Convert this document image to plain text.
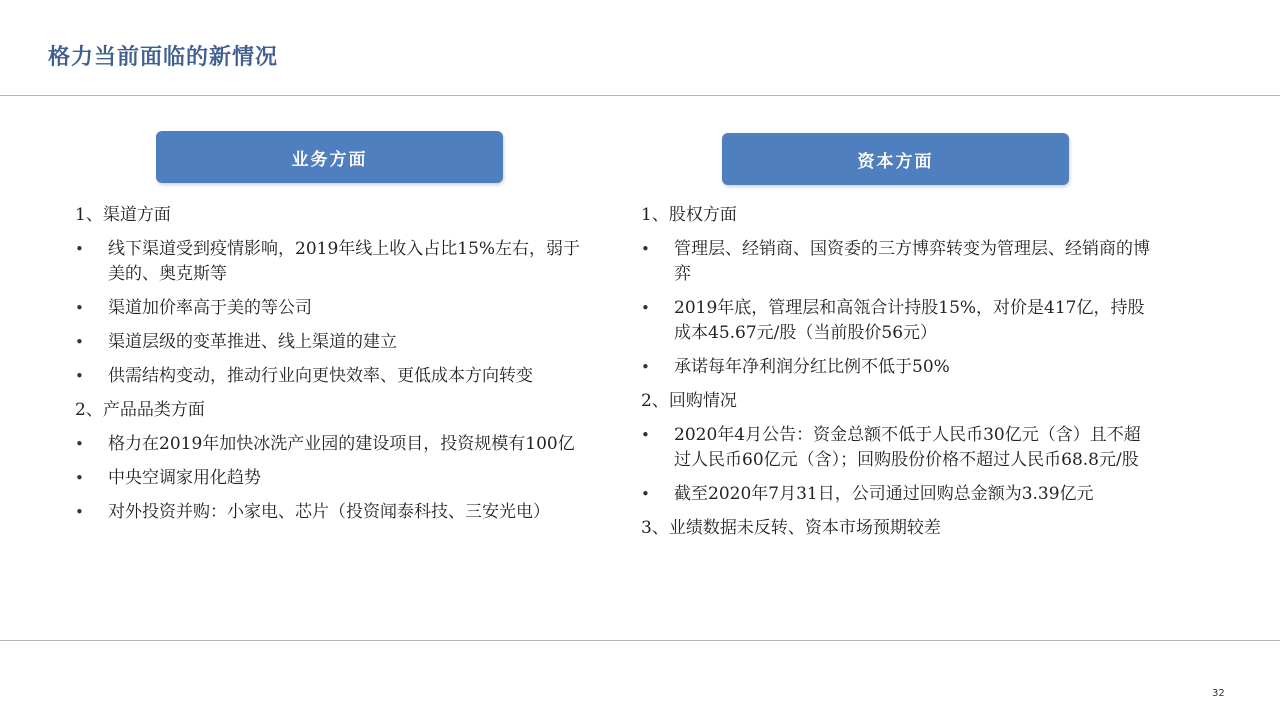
格力当前面临的新情况
业务方面
1、渠道方面
•	线下渠道受到疫情影响，2019年线上收入占比15%左右，弱于美的、奥克斯等
•	渠道加价率高于美的等公司
•	渠道层级的变革推进、线上渠道的建立
•	供需结构变动，推动行业向更快效率、更低成本方向转变
2、产品品类方面
•	格力在2019年加快冰洗产业园的建设项目，投资规模有100亿
•	中央空调家用化趋势
•	对外投资并购：小家电、芯片（投资闻泰科技、三安光电）
资本方面
1、股权方面
•	管理层、经销商、国资委的三方博弈转变为管理层、经销商的博弈
•	2019年底，管理层和高瓴合计持股15%，对价是417亿，持股成本45.67元/股（当前股价56元）
•	承诺每年净利润分红比例不低于50%
2、回购情况
•	2020年4月公告：资金总额不低于人民币30亿元（含）且不超过人民币60亿元（含）；回购股份价格不超过人民币68.8元/股
•	截至2020年7月31日，公司通过回购总金额为3.39亿元
3、业绩数据未反转、资本市场预期较差
32
